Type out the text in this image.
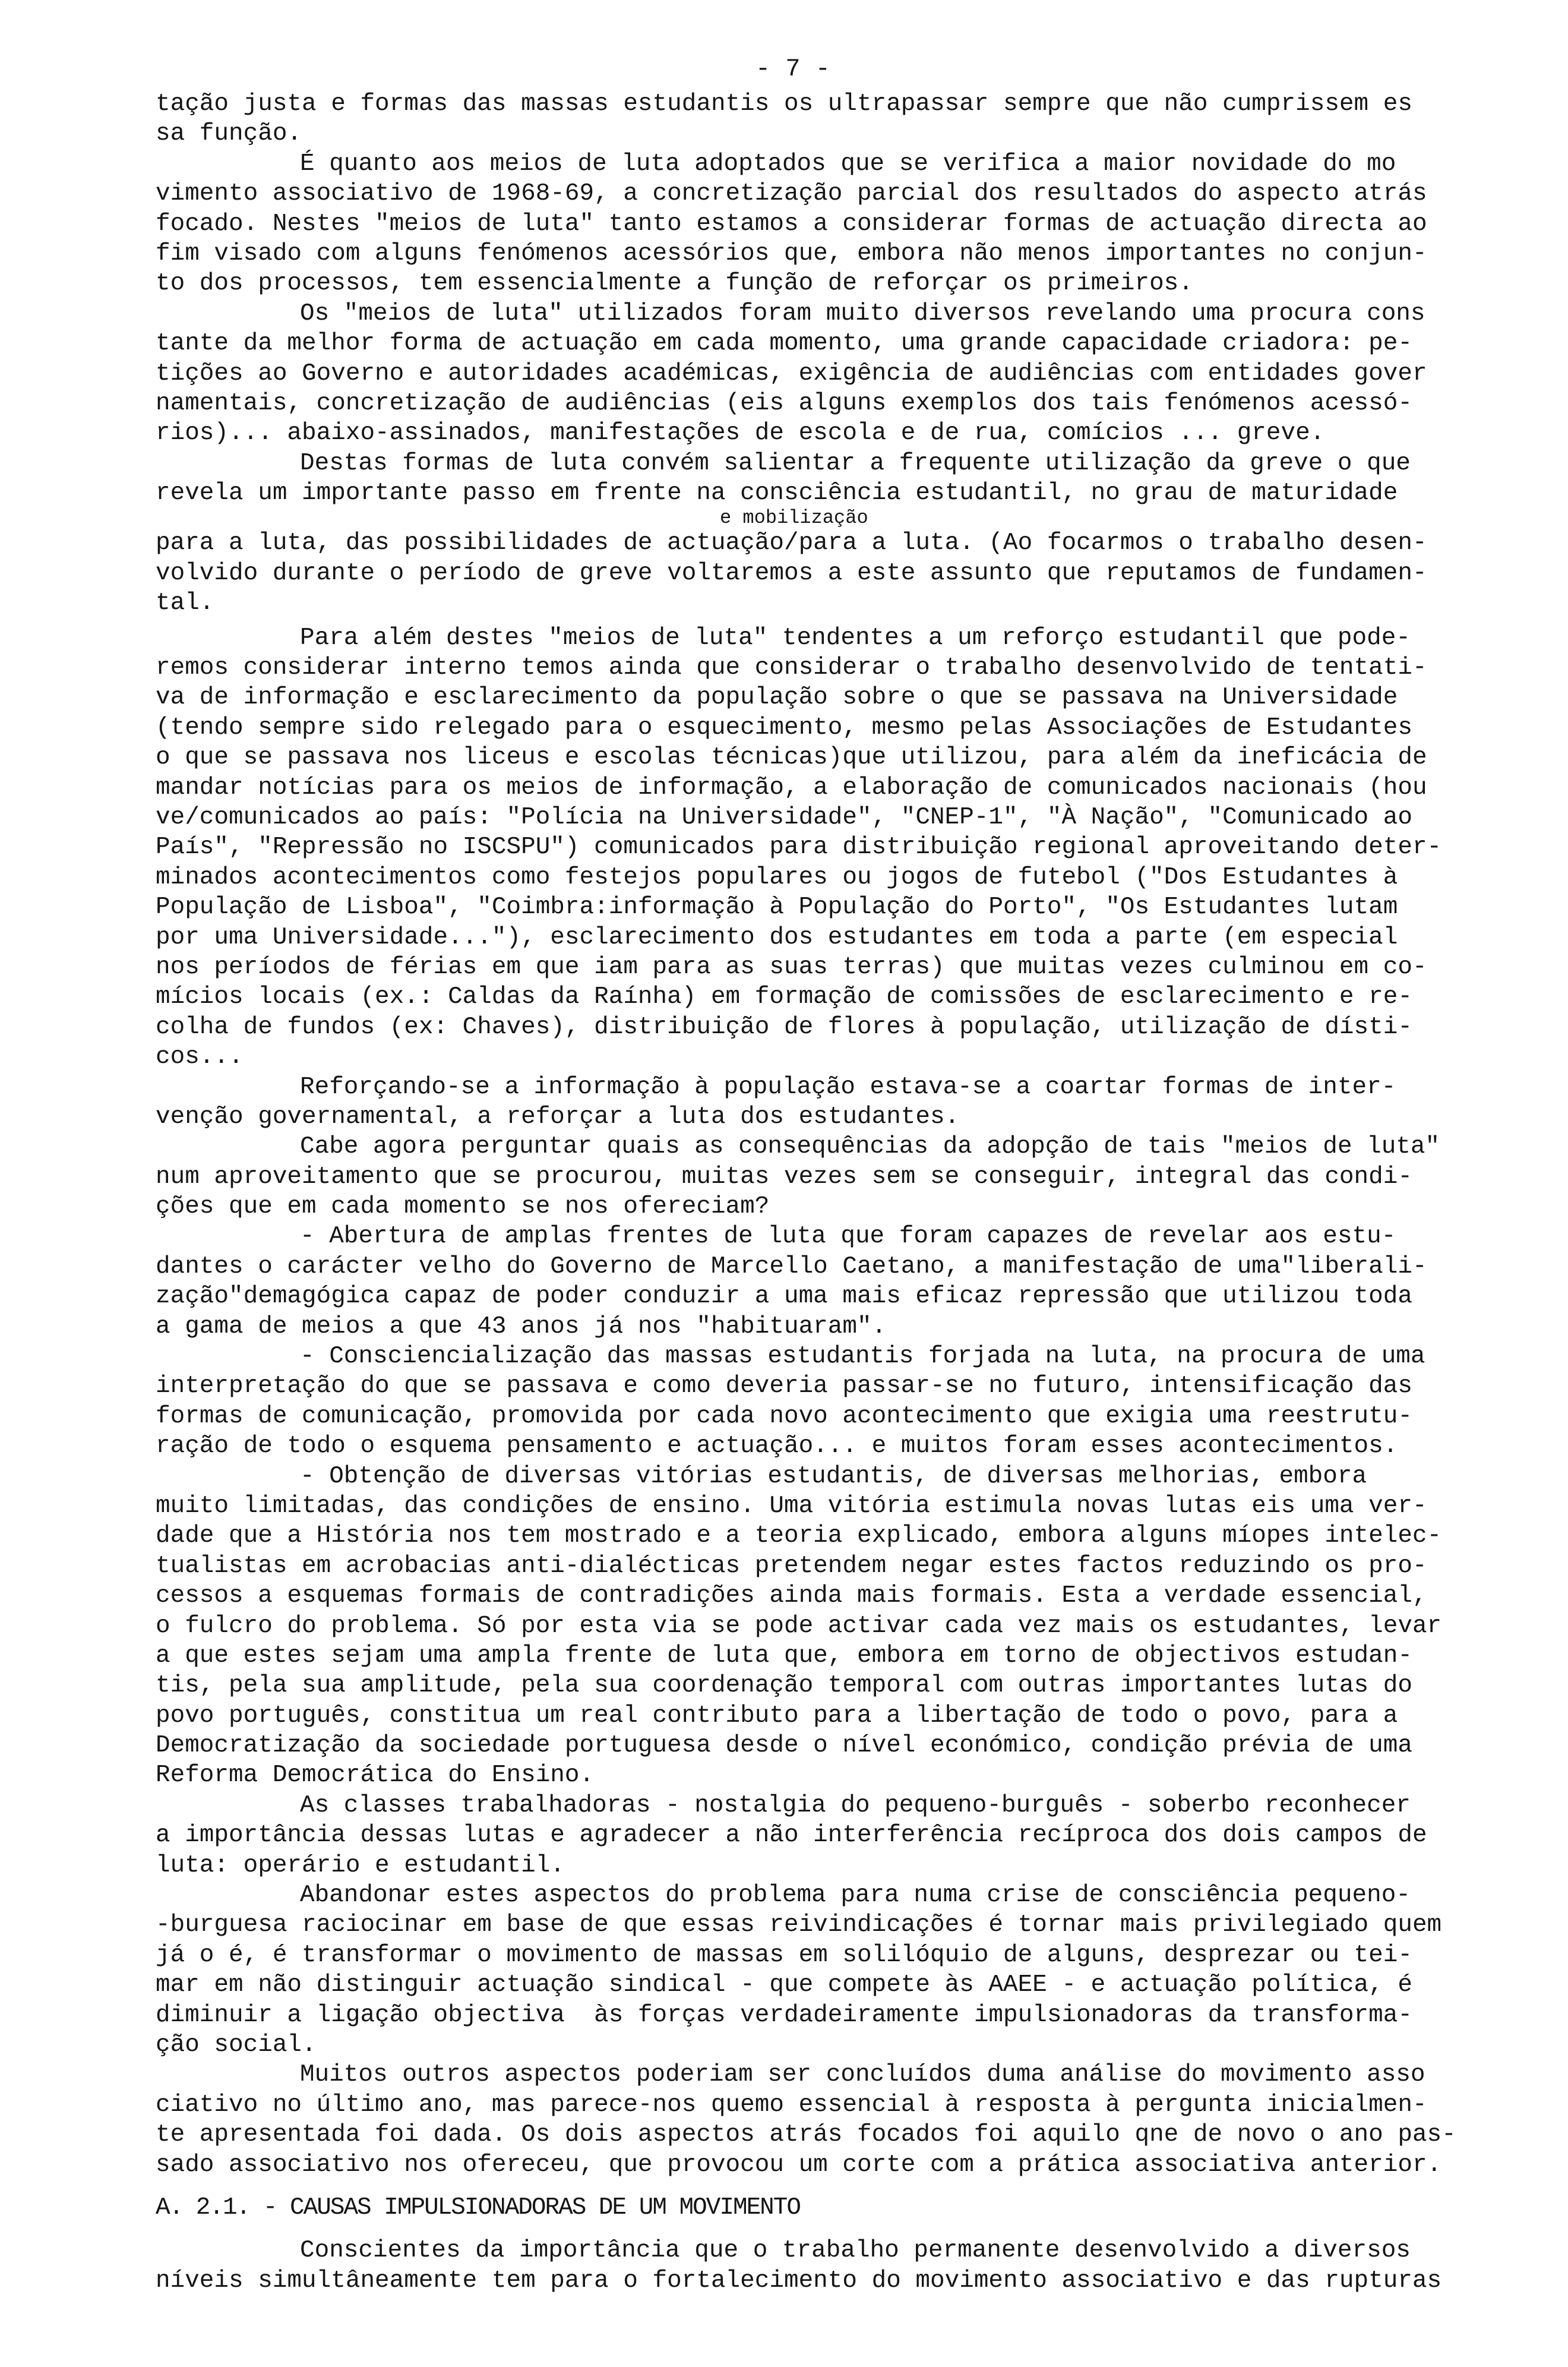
- 7 -
tação justa e formas das massas estudantis os ultrapassar sempre que não cumprissem es
sa função.
É quanto aos meios de luta adoptados que se verifica a maior novidade do mo
vimento associativo de 1968-69, a concretização parcial dos resultados do aspecto atrás
focado. Nestes "meios de luta" tanto estamos a considerar formas de actuação directa ao
fim visado com alguns fenómenos acessórios que, embora não menos importantes no conjun-
to dos processos, tem essencialmente a função de reforçar os primeiros.
Os "meios de luta" utilizados foram muito diversos revelando uma procura cons
tante da melhor forma de actuação em cada momento, uma grande capacidade criadora: pe-
tições ao Governo e autoridades académicas, exigência de audiências com entidades gover
namentais, concretização de audiências (eis alguns exemplos dos tais fenómenos acessó-
rios)... abaixo-assinados, manifestações de escola e de rua, comícios ... greve.
Destas formas de luta convém salientar a frequente utilização da greve o que
revela um importante passo em frente na consciência estudantil, no grau de maturidade
e mobilização
para a luta, das possibilidades de actuação/para a luta. (Ao focarmos o trabalho desen-
volvido durante o período de greve voltaremos a este assunto que reputamos de fundamen-
tal.
Para além destes "meios de luta" tendentes a um reforço estudantil que pode-
remos considerar interno temos ainda que considerar o trabalho desenvolvido de tentati-
va de informação e esclarecimento da população sobre o que se passava na Universidade
(tendo sempre sido relegado para o esquecimento, mesmo pelas Associações de Estudantes
o que se passava nos liceus e escolas técnicas)que utilizou, para além da ineficácia de
mandar notícias para os meios de informação, a elaboração de comunicados nacionais (hou
ve/comunicados ao país: "Polícia na Universidade", "CNEP-1", "À Nação", "Comunicado ao
País", "Repressão no ISCSPU") comunicados para distribuição regional aproveitando deter-
minados acontecimentos como festejos populares ou jogos de futebol ("Dos Estudantes à
População de Lisboa", "Coimbra:informação à População do Porto", "Os Estudantes lutam
por uma Universidade..."), esclarecimento dos estudantes em toda a parte (em especial
nos períodos de férias em que iam para as suas terras) que muitas vezes culminou em co-
mícios locais (ex.: Caldas da Raínha) em formação de comissões de esclarecimento e re-
colha de fundos (ex: Chaves), distribuição de flores à população, utilização de dísti-
cos...
Reforçando-se a informação à população estava-se a coartar formas de inter-
venção governamental, a reforçar a luta dos estudantes.
Cabe agora perguntar quais as consequências da adopção de tais "meios de luta"
num aproveitamento que se procurou, muitas vezes sem se conseguir, integral das condi-
ções que em cada momento se nos ofereciam?
- Abertura de amplas frentes de luta que foram capazes de revelar aos estu-
dantes o carácter velho do Governo de Marcello Caetano, a manifestação de uma"liberali-
zação"demagógica capaz de poder conduzir a uma mais eficaz repressão que utilizou toda
a gama de meios a que 43 anos já nos "habituaram".
- Consciencialização das massas estudantis forjada na luta, na procura de uma
interpretação do que se passava e como deveria passar-se no futuro, intensificação das
formas de comunicação, promovida por cada novo acontecimento que exigia uma reestrutu-
ração de todo o esquema pensamento e actuação... e muitos foram esses acontecimentos.
- Obtenção de diversas vitórias estudantis, de diversas melhorias, embora
muito limitadas, das condições de ensino. Uma vitória estimula novas lutas eis uma ver-
dade que a História nos tem mostrado e a teoria explicado, embora alguns míopes intelec-
tualistas em acrobacias anti-dialécticas pretendem negar estes factos reduzindo os pro-
cessos a esquemas formais de contradições ainda mais formais. Esta a verdade essencial,
o fulcro do problema. Só por esta via se pode activar cada vez mais os estudantes, levar
a que estes sejam uma ampla frente de luta que, embora em torno de objectivos estudan-
tis, pela sua amplitude, pela sua coordenação temporal com outras importantes lutas do
povo português, constitua um real contributo para a libertação de todo o povo, para a
Democratização da sociedade portuguesa desde o nível económico, condição prévia de uma
Reforma Democrática do Ensino.
As classes trabalhadoras - nostalgia do pequeno-burguês - soberbo reconhecer
a importância dessas lutas e agradecer a não interferência recíproca dos dois campos de
luta: operário e estudantil.
Abandonar estes aspectos do problema para numa crise de consciência pequeno-
-burguesa raciocinar em base de que essas reivindicações é tornar mais privilegiado quem
já o é, é transformar o movimento de massas em solilóquio de alguns, desprezar ou tei-
mar em não distinguir actuação sindical - que compete às AAEE - e actuação política, é
diminuir a ligação objectiva  às forças verdadeiramente impulsionadoras da transforma-
ção social.
Muitos outros aspectos poderiam ser concluídos duma análise do movimento asso
ciativo no último ano, mas parece-nos quemo essencial à resposta à pergunta inicialmen-
te apresentada foi dada. Os dois aspectos atrás focados foi aquilo qne de novo o ano pas-
sado associativo nos ofereceu, que provocou um corte com a prática associativa anterior.
A. 2.1. - CAUSAS IMPULSIONADORAS DE UM MOVIMENTO
Conscientes da importância que o trabalho permanente desenvolvido a diversos
níveis simultâneamente tem para o fortalecimento do movimento associativo e das rupturas
